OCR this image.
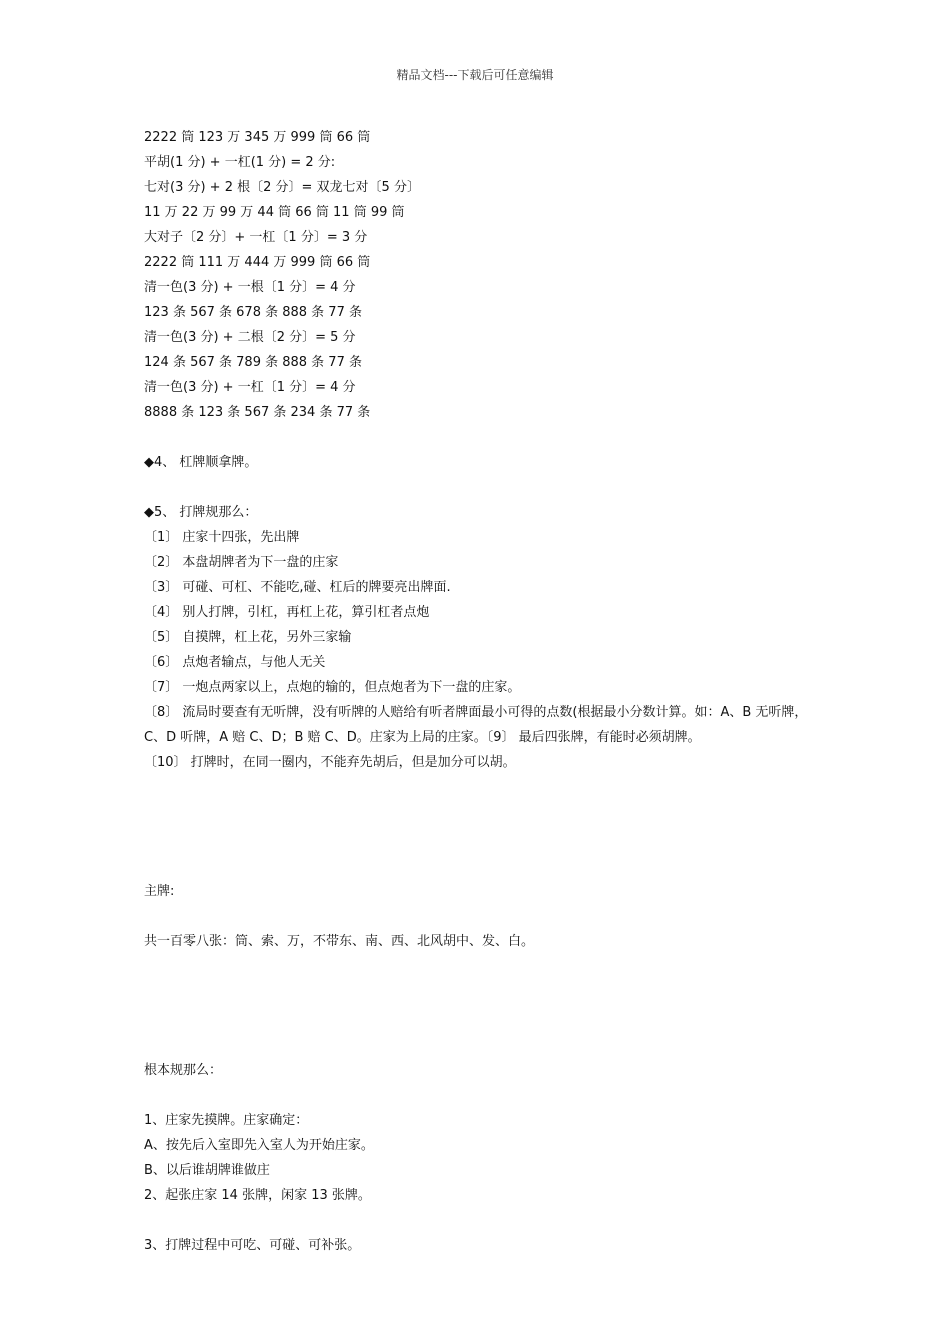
精品文档---下载后可任意编辑
2222 筒 123 万 345 万 999 筒 66 筒
平胡(1 分) + 一杠(1 分) = 2 分:
七对(3 分) + 2 根〔2 分〕= 双龙七对〔5 分〕
11 万 22 万 99 万 44 筒 66 筒 11 筒 99 筒
大对子〔2 分〕+ 一杠〔1 分〕= 3 分
2222 筒 111 万 444 万 999 筒 66 筒
清一色(3 分) + 一根〔1 分〕= 4 分
123 条 567 条 678 条 888 条 77 条
清一色(3 分) + 二根〔2 分〕= 5 分
124 条 567 条 789 条 888 条 77 条
清一色(3 分) + 一杠〔1 分〕= 4 分
8888 条 123 条 567 条 234 条 77 条
◆4、 杠牌顺拿牌。
◆5、 打牌规那么：
〔1〕 庄家十四张，先出牌
〔2〕 本盘胡牌者为下一盘的庄家
〔3〕 可碰、可杠、不能吃,碰、杠后的牌要亮出牌面.
〔4〕 别人打牌，引杠，再杠上花，算引杠者点炮
〔5〕 自摸牌，杠上花，另外三家输
〔6〕 点炮者输点，与他人无关
〔7〕 一炮点两家以上，点炮的输的，但点炮者为下一盘的庄家。
〔8〕 流局时要查有无听牌，没有听牌的人赔给有听者牌面最小可得的点数(根据最小分数计算。如：A、B 无听牌，C、D 听牌，A 赔 C、D；B 赔 C、D。庄家为上局的庄家。〔9〕 最后四张牌，有能时必须胡牌。
〔10〕 打牌时，在同一圈内，不能弃先胡后，但是加分可以胡。
主牌:
共一百零八张：筒、索、万，不带东、南、西、北风胡中、发、白。
根本规那么：
1、庄家先摸牌。庄家确定：
A、按先后入室即先入室人为开始庄家。
B、以后谁胡牌谁做庄
2、起张庄家 14 张牌，闲家 13 张牌。
3、打牌过程中可吃、可碰、可补张。
